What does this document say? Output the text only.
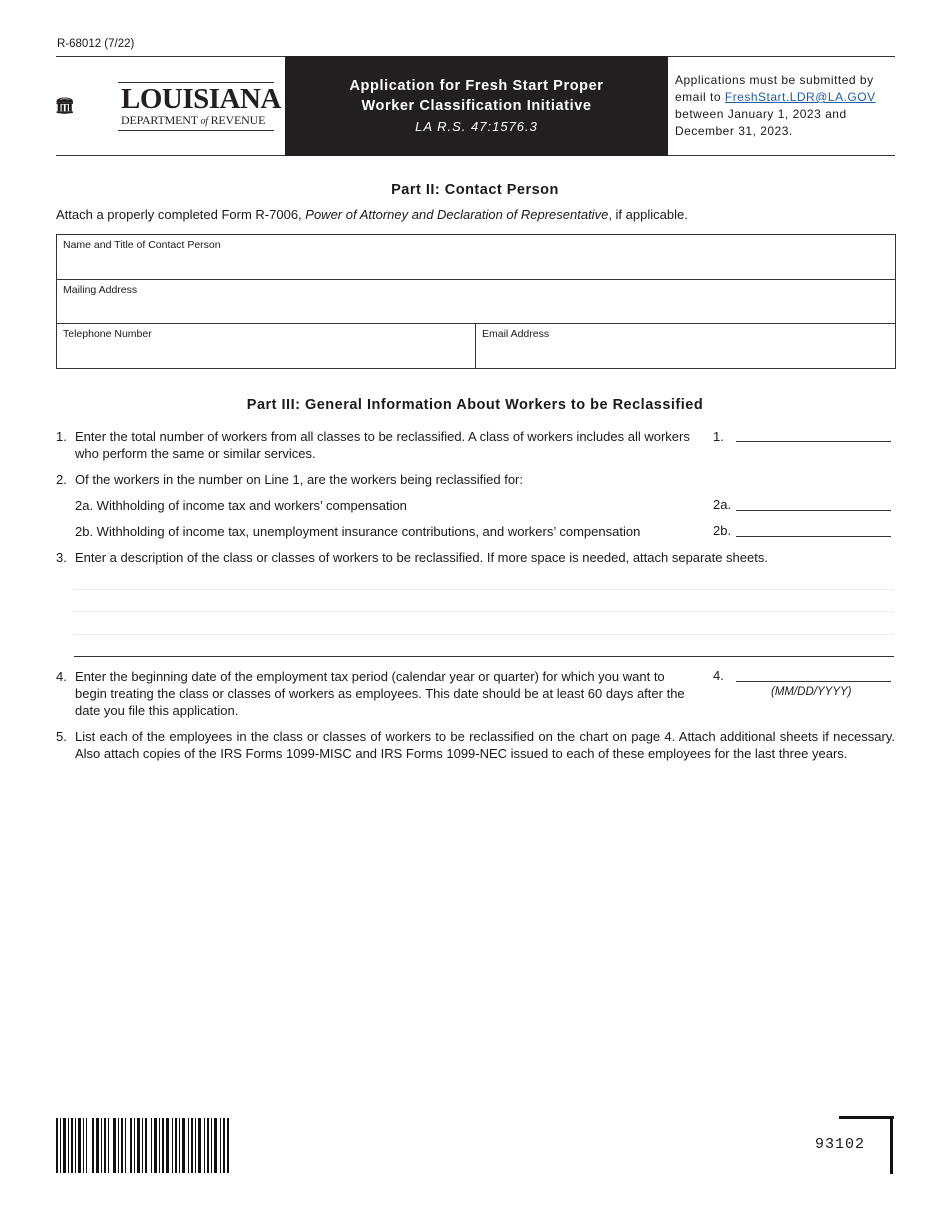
R-68012 (7/22)
LOUISIANA
DEPARTMENT of REVENUE
Application for Fresh Start Proper
Worker Classification Initiative
LA R.S. 47:1576.3
Applications must be submitted by email to FreshStart.LDR@LA.GOV between January 1, 2023 and December 31, 2023.
Part II: Contact Person
Attach a properly completed Form R-7006, Power of Attorney and Declaration of Representative, if applicable.
Name and Title of Contact Person
Mailing Address
Telephone Number	Email Address
Part III: General Information About Workers to be Reclassified
1. Enter the total number of workers from all classes to be reclassified. A class of workers includes all workers who perform the same or similar services.
1.
2. Of the workers in the number on Line 1, are the workers being reclassified for:
2a. Withholding of income tax and workers’ compensation	2a.
2b. Withholding of income tax, unemployment insurance contributions, and workers’ compensation	2b.
3. Enter a description of the class or classes of workers to be reclassified. If more space is needed, attach separate sheets.
4. Enter the beginning date of the employment tax period (calendar year or quarter) for which you want to begin treating the class or classes of workers as employees. This date should be at least 60 days after the date you file this application.
4.
(MM/DD/YYYY)
5. List each of the employees in the class or classes of workers to be reclassified on the chart on page 4. Attach additional sheets if necessary. Also attach copies of the IRS Forms 1099-MISC and IRS Forms 1099-NEC issued to each of these employees for the last three years.
93102
